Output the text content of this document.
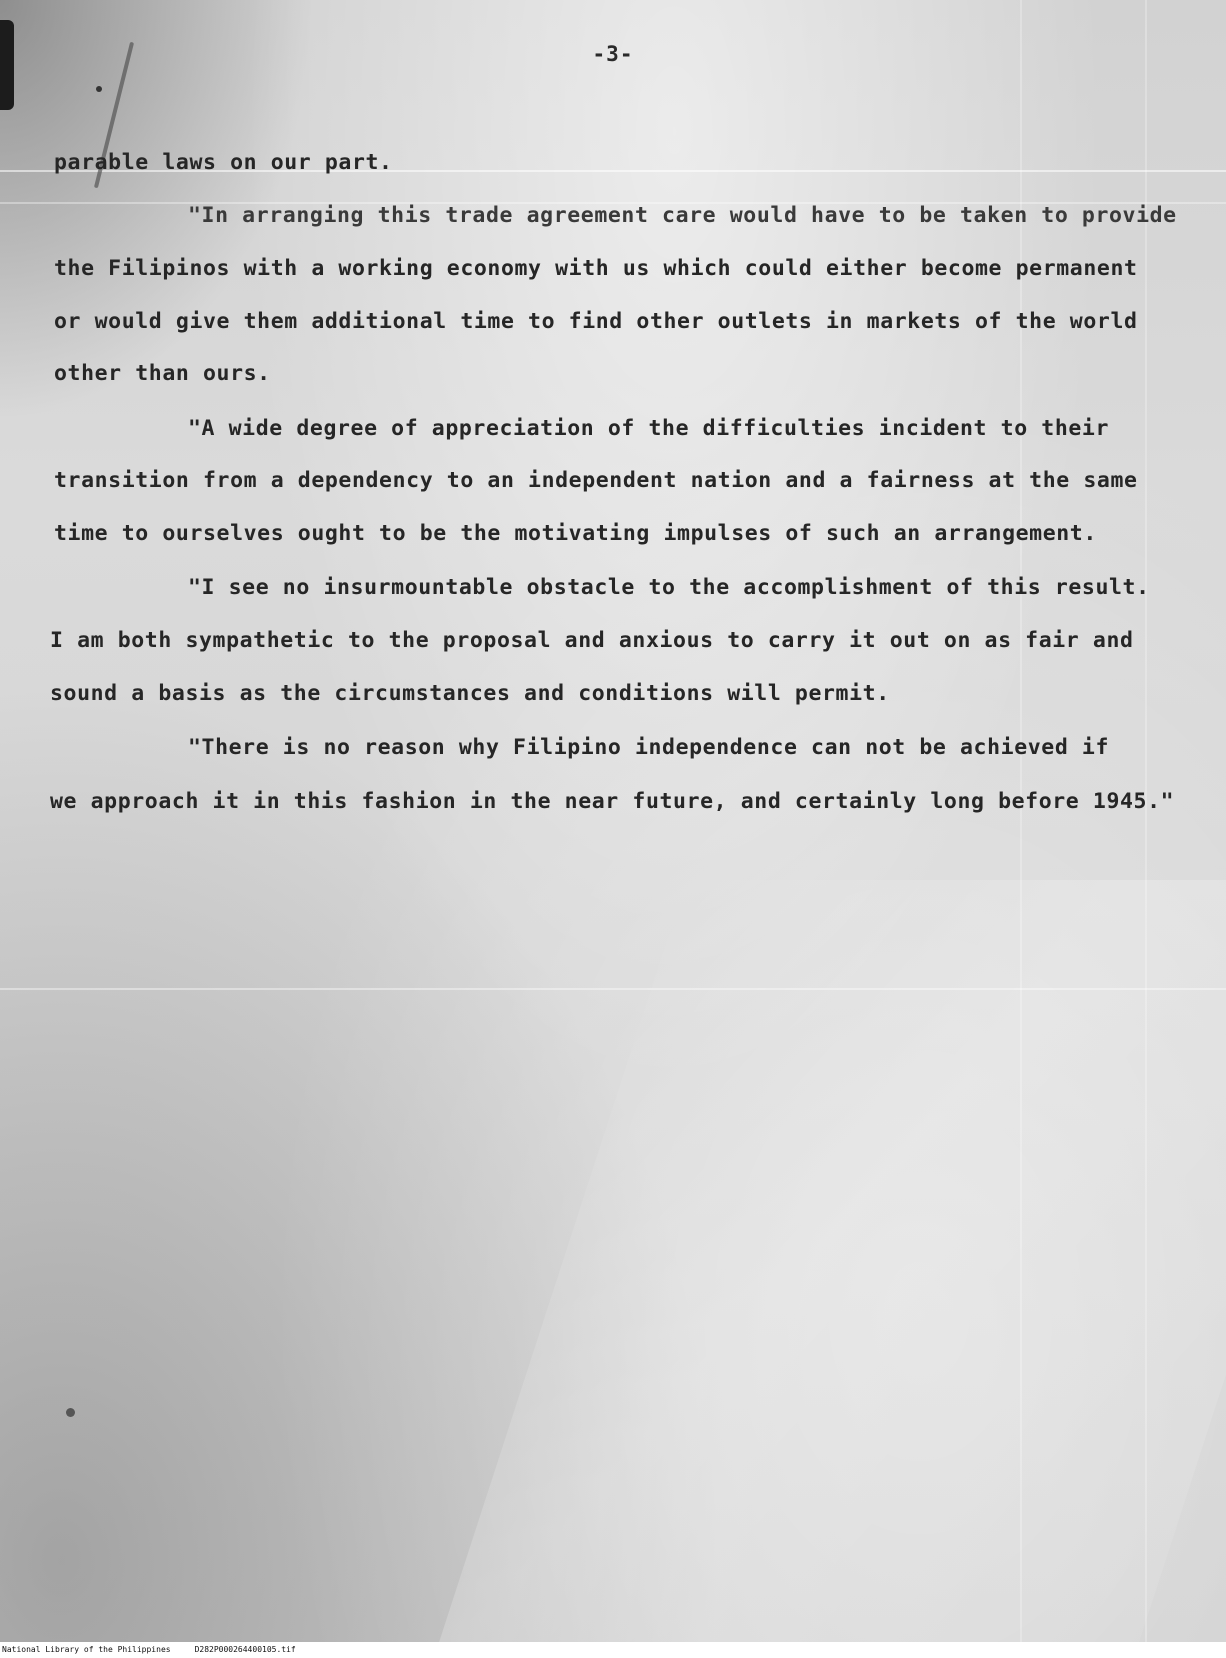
-3-

parable laws on our part.

"In arranging this trade agreement care would have to be taken to provide

the Filipinos with a working economy with us which could either become permanent

or would give them additional time to find other outlets in markets of the world

other than ours.

"A wide degree of appreciation of the difficulties incident to their

transition from a dependency to an independent nation and a fairness at the same

time to ourselves ought to be the motivating impulses of such an arrangement.

"I see no insurmountable obstacle to the accomplishment of this result.

I am both sympathetic to the proposal and anxious to carry it out on as fair and

sound a basis as the circumstances and conditions will permit.

"There is no reason why Filipino independence can not be achieved if

we approach it in this fashion in the near future, and certainly long before 1945."

National Library of the Philippines	D282P000264400105.tif
